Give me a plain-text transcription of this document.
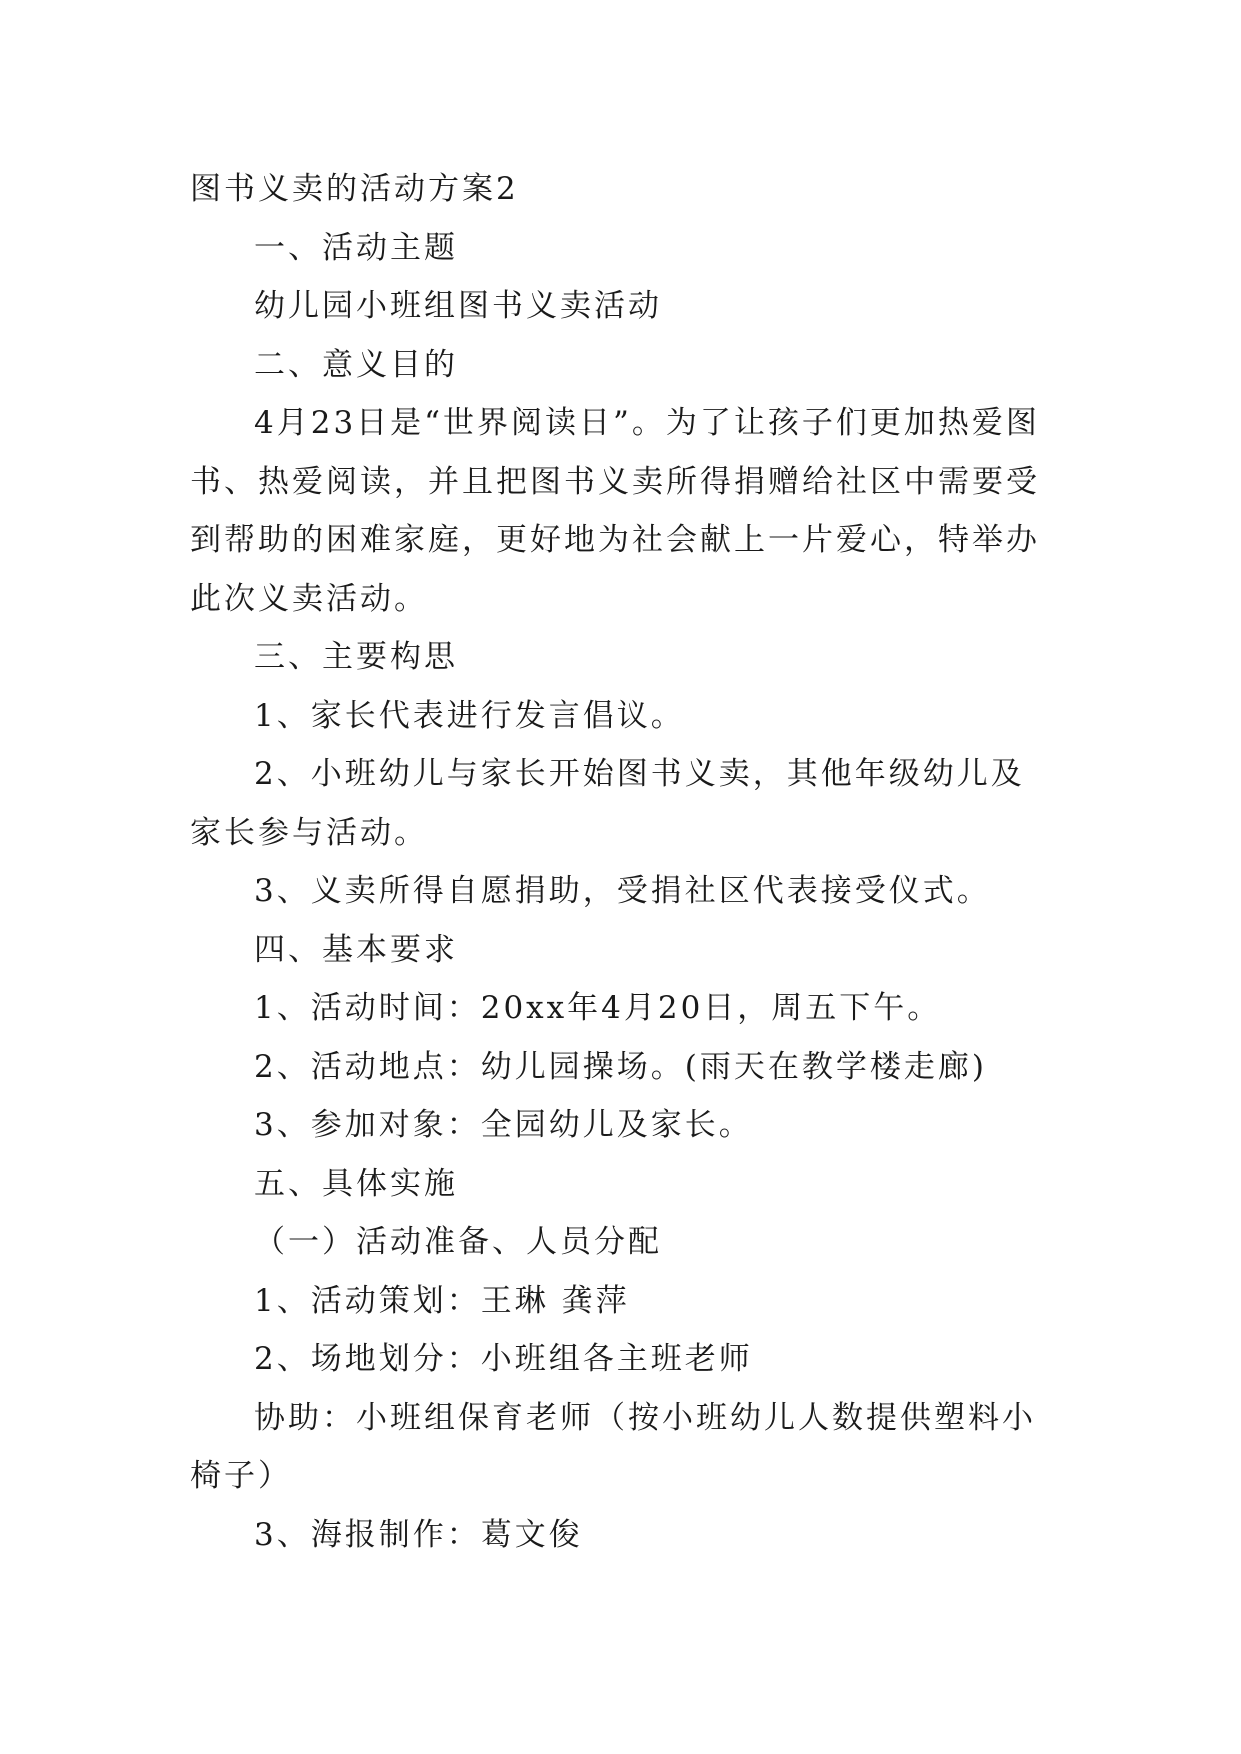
图书义卖的活动方案2

一、活动主题

幼儿园小班组图书义卖活动

二、意义目的

4月23日是“世界阅读日”。为了让孩子们更加热爱图书、热爱阅读，并且把图书义卖所得捐赠给社区中需要受到帮助的困难家庭，更好地为社会献上一片爱心，特举办此次义卖活动。

三、主要构思

1、家长代表进行发言倡议。

2、小班幼儿与家长开始图书义卖，其他年级幼儿及家长参与活动。

3、义卖所得自愿捐助，受捐社区代表接受仪式。

四、基本要求

1、活动时间：20xx年4月20日，周五下午。

2、活动地点：幼儿园操场。(雨天在教学楼走廊)

3、参加对象：全园幼儿及家长。

五、具体实施

（一）活动准备、人员分配

1、活动策划：王琳 龚萍

2、场地划分：小班组各主班老师

协助：小班组保育老师（按小班幼儿人数提供塑料小椅子）

3、海报制作：葛文俊
